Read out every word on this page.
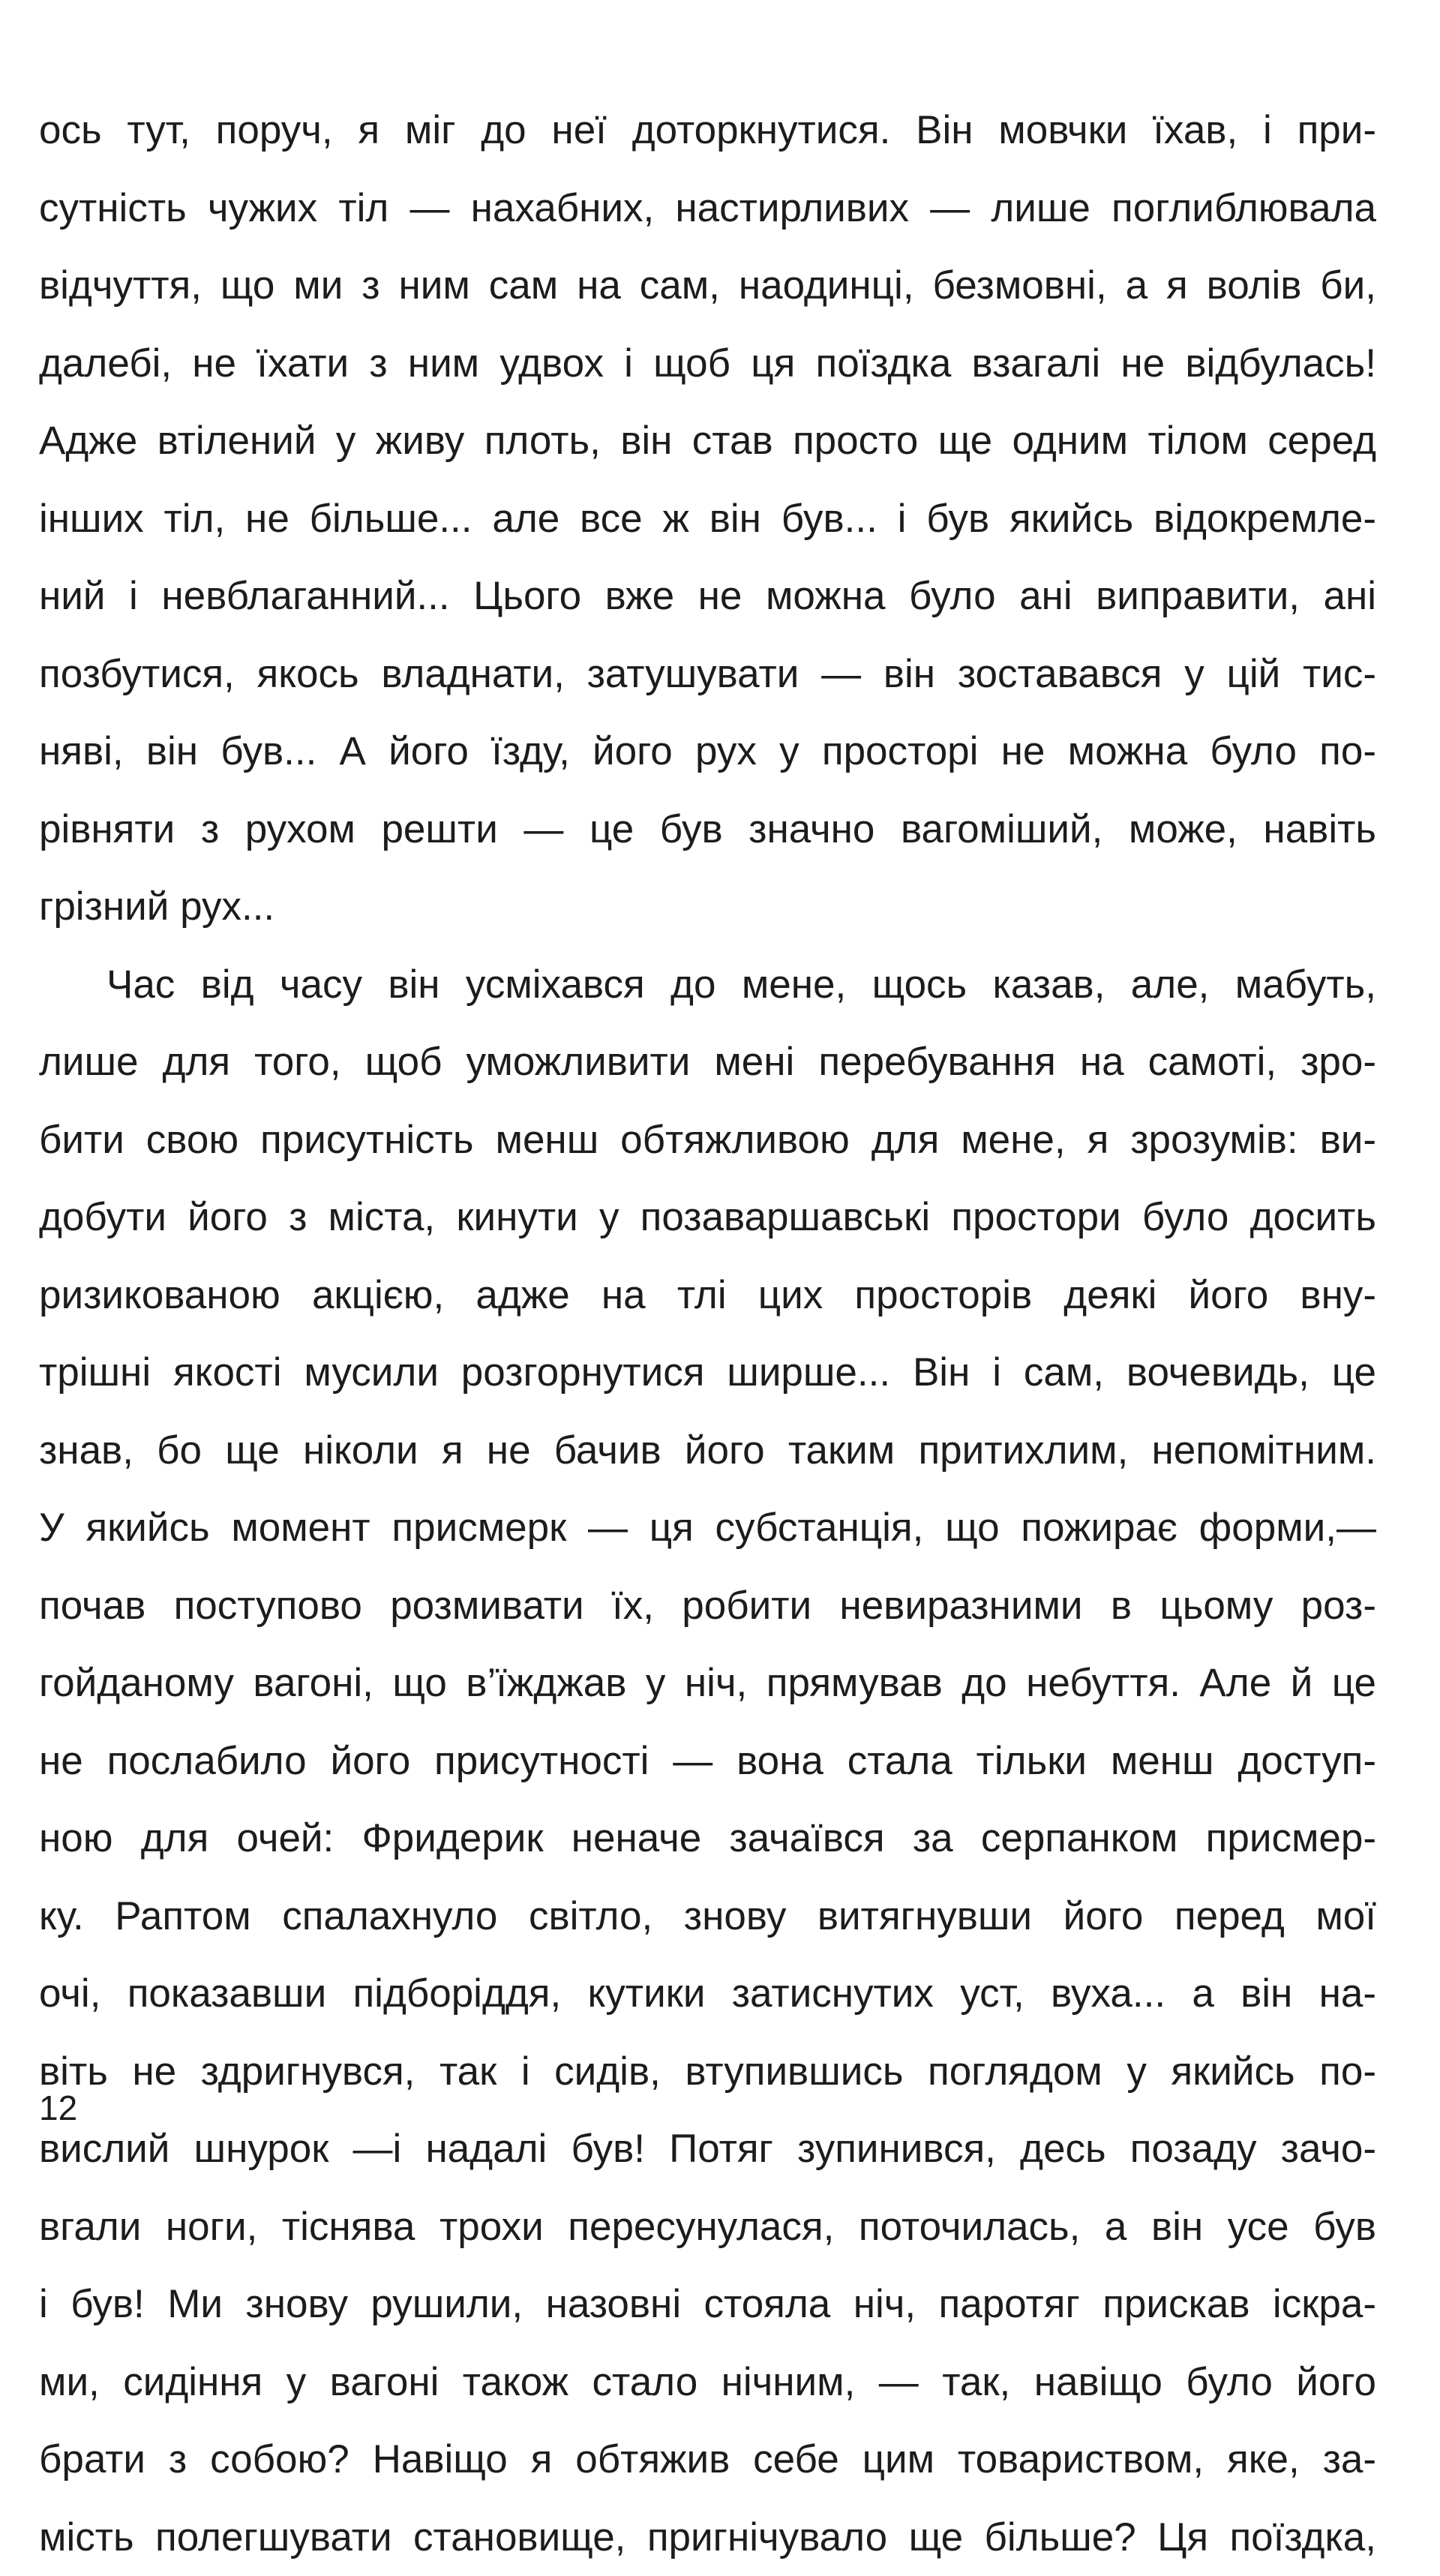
ось тут, поруч, я міг до неї доторкнутися. Він мовчки їхав, і при-
сутність чужих тіл — нахабних, настирливих — лише поглиблювала
відчуття, що ми з ним сам на сам, наодинці, безмовні, а я волів би,
далебі, не їхати з ним удвох і щоб ця поїздка взагалі не відбулась!
Адже втілений у живу плоть, він став просто ще одним тілом серед
інших тіл, не більше... але все ж він був... і був якийсь відокремле-
ний і невблаганний... Цього вже не можна було ані виправити, ані
позбутися, якось владнати, затушувати — він зоставався у цій тис-
няві, він був... А його їзду, його рух у просторі не можна було по-
рівняти з рухом решти — це був значно вагоміший, може, навіть
грізний рух...
Час від часу він усміхався до мене, щось казав, але, мабуть,
лише для того, щоб уможливити мені перебування на самоті, зро-
бити свою присутність менш обтяжливою для мене, я зрозумів: ви-
добути його з міста, кинути у позаваршавські простори було досить
ризикованою акцією, адже на тлі цих просторів деякі його вну-
трішні якості мусили розгорнутися ширше... Він і сам, вочевидь, це
знав, бо ще ніколи я не бачив його таким притихлим, непомітним.
У якийсь момент присмерк — ця субстанція, що пожирає форми,—
почав поступово розмивати їх, робити невиразними в цьому роз-
гойданому вагоні, що в’їжджав у ніч, прямував до небуття. Але й це
не послабило його присутності — вона стала тільки менш доступ-
ною для очей: Фридерик неначе зачаївся за серпанком присмер-
ку. Раптом спалахнуло світло, знову витягнувши його перед мої
очі, показавши підборіддя, кутики затиснутих уст, вуха... а він на-
віть не здригнувся, так і сидів, втупившись поглядом у якийсь по-
вислий шнурок —і надалі був! Потяг зупинився, десь позаду зачо-
вгали ноги, тіснява трохи пересунулася, поточилась, а він усе був
і був! Ми знову рушили, назовні стояла ніч, паротяг прискав іскра-
ми, сидіння у вагоні також стало нічним, — так, навіщо було його
брати з собою? Навіщо я обтяжив себе цим товариством, яке, за-
мість полегшувати становище, пригнічувало ще більше? Ця поїздка,
12
